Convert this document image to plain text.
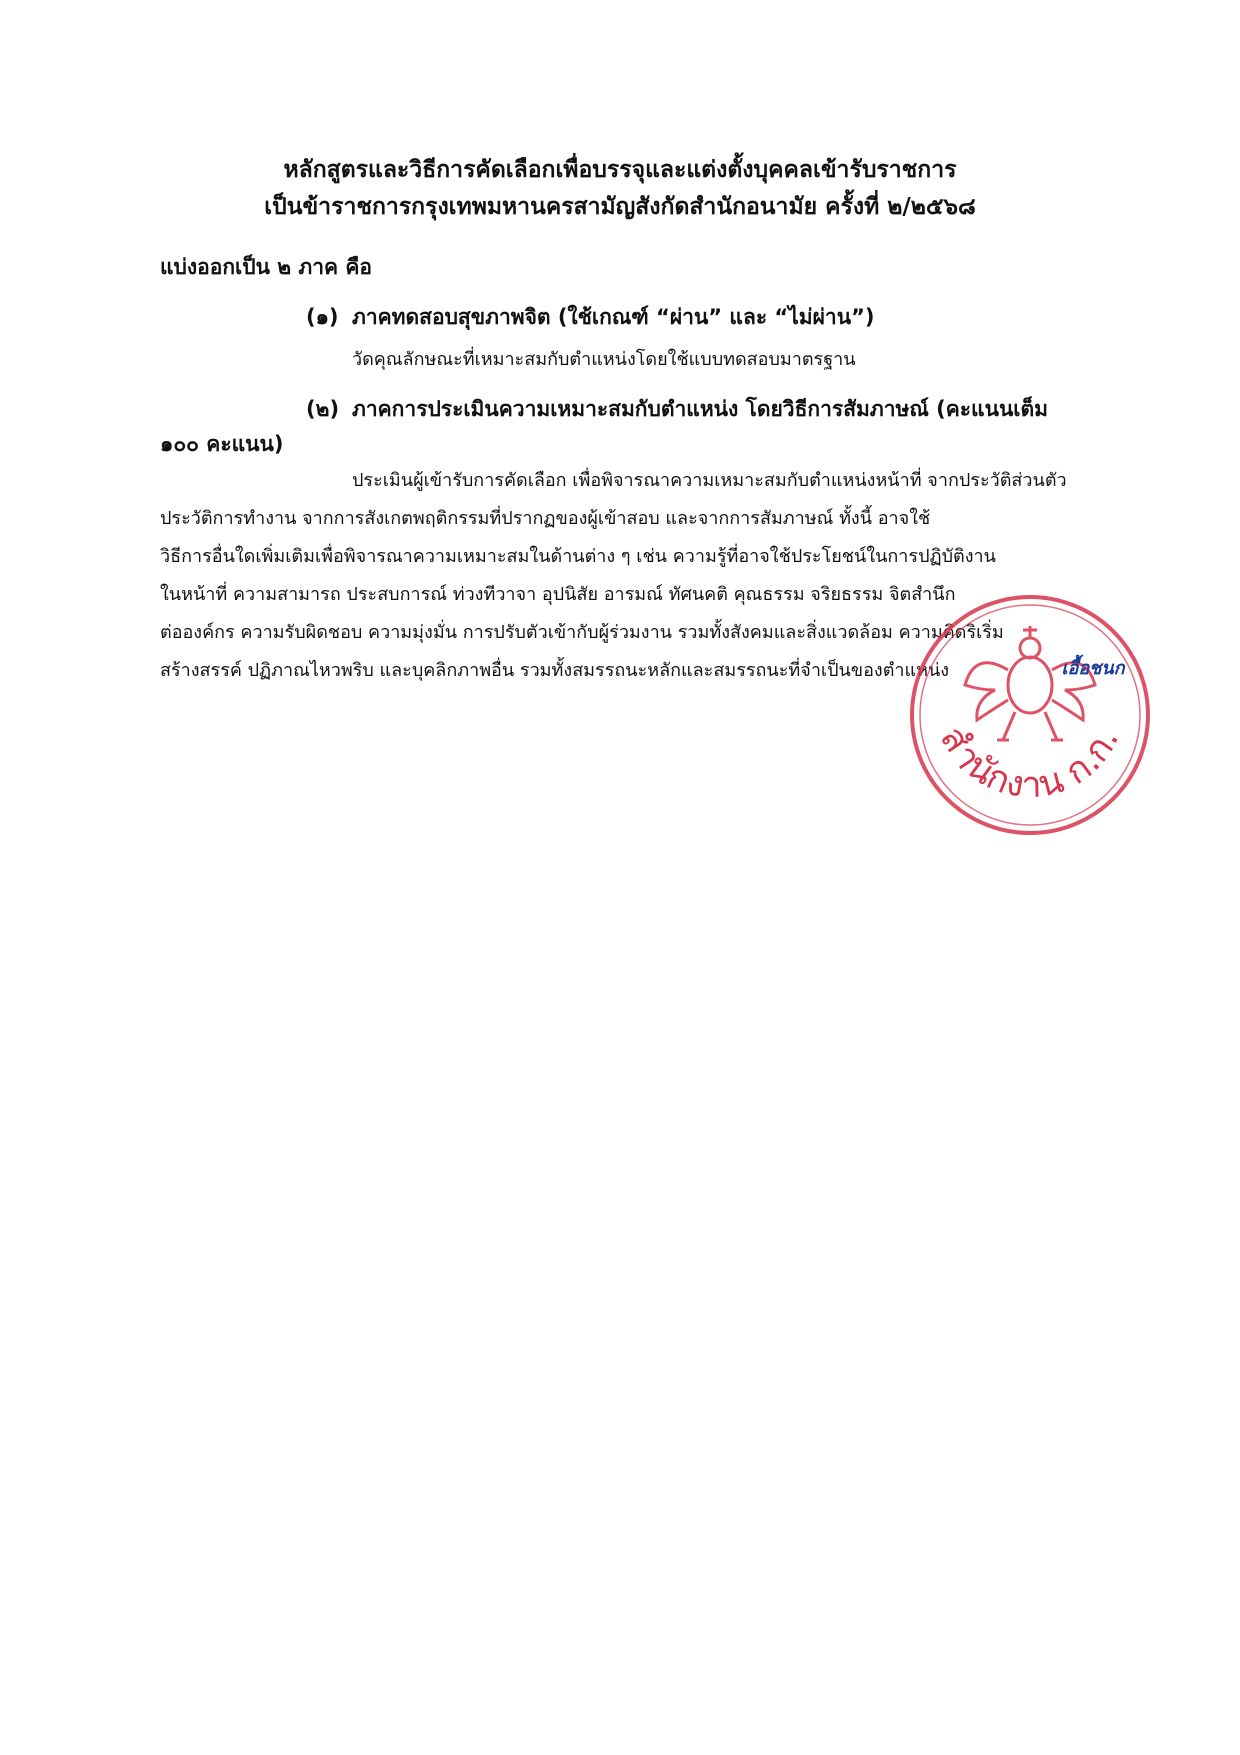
หลักสูตรและวิธีการคัดเลือกเพื่อบรรจุและแต่งตั้งบุคคลเข้ารับราชการ
เป็นข้าราชการกรุงเทพมหานครสามัญสังกัดสำนักอนามัย ครั้งที่ ๒/๒๕๖๘
แบ่งออกเป็น ๒ ภาค คือ
(๑) ภาคทดสอบสุขภาพจิต (ใช้เกณฑ์ “ผ่าน” และ “ไม่ผ่าน”)
วัดคุณลักษณะที่เหมาะสมกับตำแหน่งโดยใช้แบบทดสอบมาตรฐาน
(๒) ภาคการประเมินความเหมาะสมกับตำแหน่ง โดยวิธีการสัมภาษณ์ (คะแนนเต็ม
๑๐๐ คะแนน)
ประเมินผู้เข้ารับการคัดเลือก เพื่อพิจารณาความเหมาะสมกับตำแหน่งหน้าที่ จากประวัติส่วนตัว
ประวัติการทำงาน จากการสังเกตพฤติกรรมที่ปรากฏของผู้เข้าสอบ และจากการสัมภาษณ์ ทั้งนี้ อาจใช้
วิธีการอื่นใดเพิ่มเติมเพื่อพิจารณาความเหมาะสมในด้านต่าง ๆ เช่น ความรู้ที่อาจใช้ประโยชน์ในการปฏิบัติงาน
ในหน้าที่ ความสามารถ ประสบการณ์ ท่วงทีวาจา อุปนิสัย อารมณ์ ทัศนคติ คุณธรรม จริยธรรม จิตสำนึก
ต่อองค์กร ความรับผิดชอบ ความมุ่งมั่น การปรับตัวเข้ากับผู้ร่วมงาน รวมทั้งสังคมและสิ่งแวดล้อม ความคิดริเริ่ม
สร้างสรรค์ ปฏิภาณไหวพริบ และบุคลิกภาพอื่น รวมทั้งสมรรถนะหลักและสมรรถนะที่จำเป็นของตำแหน่ง
สำนักงาน ก.ก.
เอื้อชนก
